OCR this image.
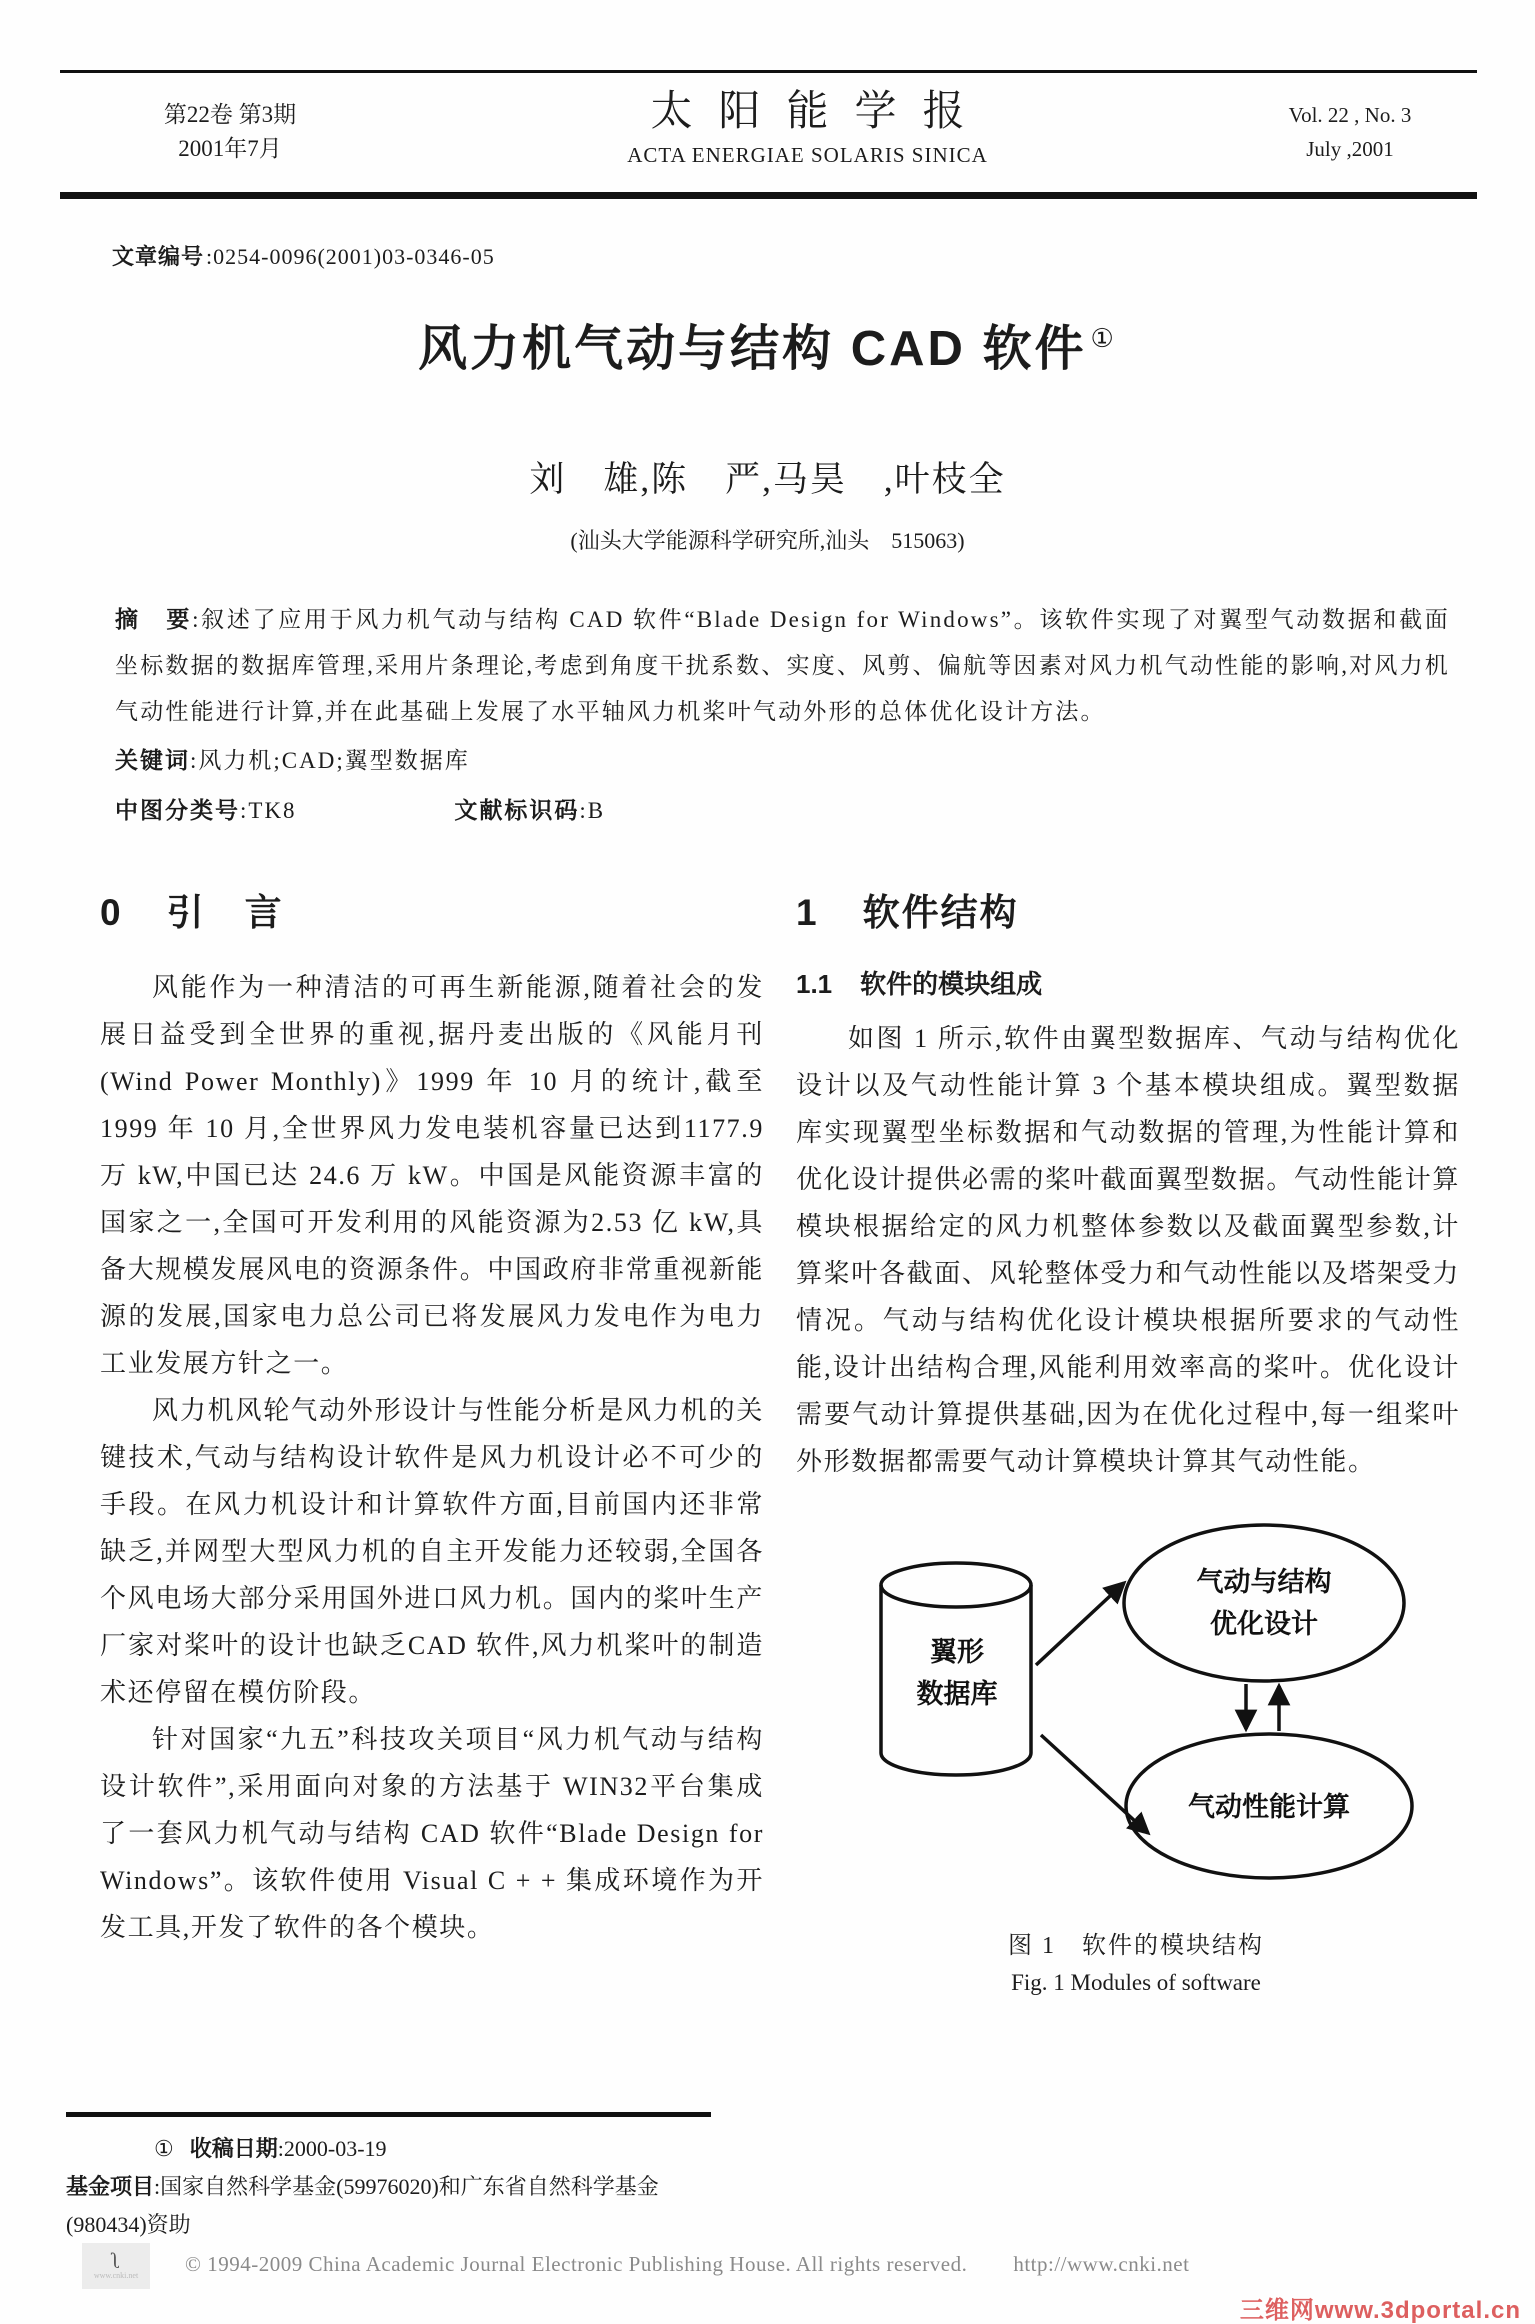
第22卷 第3期
2001年7月
太阳能学报
ACTA ENERGIAE SOLARIS SINICA
Vol. 22 , No. 3
July ,2001
文章编号:0254-0096(2001)03-0346-05
风力机气动与结构 CAD 软件 ①
刘　雄,陈　严,马昊　,叶枝全
(汕头大学能源科学研究所,汕头　515063)
摘　要:叙述了应用于风力机气动与结构 CAD 软件“Blade Design for Windows”。该软件实现了对翼型气动数据和截面坐标数据的数据库管理,采用片条理论,考虑到角度干扰系数、实度、风剪、偏航等因素对风力机气动性能的影响,对风力机气动性能进行计算,并在此基础上发展了水平轴风力机桨叶气动外形的总体优化设计方法。
关键词:风力机;CAD;翼型数据库
中图分类号:TK8	文献标识码:B
0 引　言

风能作为一种清洁的可再生新能源,随着社会的发展日益受到全世界的重视,据丹麦出版的《风能月刊(Wind Power Monthly)》1999 年 10 月的统计,截至1999 年 10 月,全世界风力发电装机容量已达到1177.9 万 kW,中国已达 24.6 万 kW。中国是风能资源丰富的国家之一,全国可开发利用的风能资源为2.53 亿 kW,具备大规模发展风电的资源条件。中国政府非常重视新能源的发展,国家电力总公司已将发展风力发电作为电力工业发展方针之一。

风力机风轮气动外形设计与性能分析是风力机的关键技术,气动与结构设计软件是风力机设计必不可少的手段。在风力机设计和计算软件方面,目前国内还非常缺乏,并网型大型风力机的自主开发能力还较弱,全国各个风电场大部分采用国外进口风力机。国内的桨叶生产厂家对桨叶的设计也缺乏CAD 软件,风力机桨叶的制造术还停留在模仿阶段。

针对国家“九五”科技攻关项目“风力机气动与结构设计软件”,采用面向对象的方法基于 WIN32平台集成了一套风力机气动与结构 CAD 软件“Blade Design for Windows”。该软件使用 Visual C + + 集成环境作为开发工具,开发了软件的各个模块。

1 软件结构
1.1 软件的模块组成

如图 1 所示,软件由翼型数据库、气动与结构优化设计以及气动性能计算 3 个基本模块组成。翼型数据库实现翼型坐标数据和气动数据的管理,为性能计算和优化设计提供必需的桨叶截面翼型数据。气动性能计算模块根据给定的风力机整体参数以及截面翼型参数,计算桨叶各截面、风轮整体受力和气动性能以及塔架受力情况。气动与结构优化设计模块根据所要求的气动性能,设计出结构合理,风能利用效率高的桨叶。优化设计需要气动计算提供基础,因为在优化过程中,每一组桨叶外形数据都需要气动计算模块计算其气动性能。

翼形
数据库
气动与结构
优化设计
气动性能计算
图 1 软件的模块结构
Fig. 1 Modules of software
① 收稿日期:2000-03-19
基金项目:国家自然科学基金(59976020)和广东省自然科学基金(980434)资助
ʅ
www.cnki.net © 1994-2009 China Academic Journal Electronic Publishing House. All rights reserved. http://www.cnki.net
三维网www.3dportal.cn
